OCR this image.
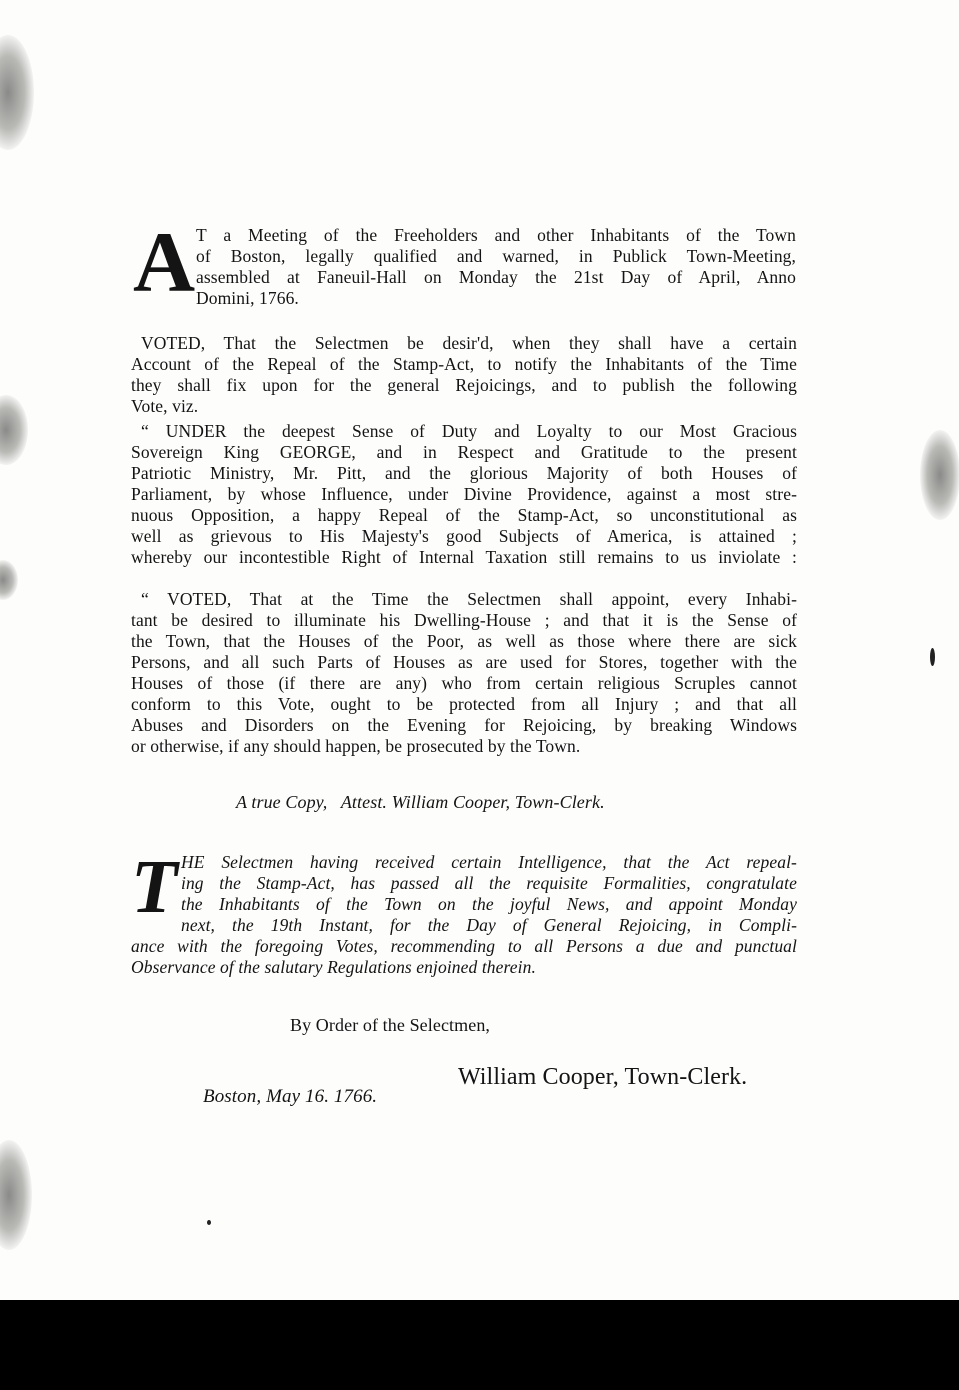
A T a Meeting of the Freeholders and other Inhabitants of the Town
of Boston, legally qualified and warned, in Publick Town-Meeting,
assembled at Faneuil-Hall on Monday the 21st Day of April, Anno
Domini, 1766.
VOTED, That the Selectmen be desir'd, when they shall have a certain
Account of the Repeal of the Stamp-Act, to notify the Inhabitants of the Time
they shall fix upon for the general Rejoicings, and to publish the following
Vote, viz.
“ UNDER the deepest Sense of Duty and Loyalty to our Most Gracious
Sovereign King GEORGE, and in Respect and Gratitude to the present
Patriotic Ministry, Mr. Pitt, and the glorious Majority of both Houses of
Parliament, by whose Influence, under Divine Providence, against a most stre-
nuous Opposition, a happy Repeal of the Stamp-Act, so unconstitutional as
well as grievous to His Majesty's good Subjects of America, is attained ;
whereby our incontestible Right of Internal Taxation still remains to us inviolate :
“ VOTED, That at the Time the Selectmen shall appoint, every Inhabi-
tant be desired to illuminate his Dwelling-House ; and that it is the Sense of
the Town, that the Houses of the Poor, as well as those where there are sick
Persons, and all such Parts of Houses as are used for Stores, together with the
Houses of those (if there are any) who from certain religious Scruples cannot
conform to this Vote, ought to be protected from all Injury ; and that all
Abuses and Disorders on the Evening for Rejoicing, by breaking Windows
or otherwise, if any should happen, be prosecuted by the Town.
A true Copy,   Attest. William Cooper, Town-Clerk.
T HE Selectmen having received certain Intelligence, that the Act repeal-
ing the Stamp-Act, has passed all the requisite Formalities, congratulate
the Inhabitants of the Town on the joyful News, and appoint Monday
next, the 19th Instant, for the Day of General Rejoicing, in Compli-
ance with the foregoing Votes, recommending to all Persons a due and punctual
Observance of the salutary Regulations enjoined therein.
By Order of the Selectmen,
William Cooper, Town-Clerk.
Boston, May 16. 1766.
